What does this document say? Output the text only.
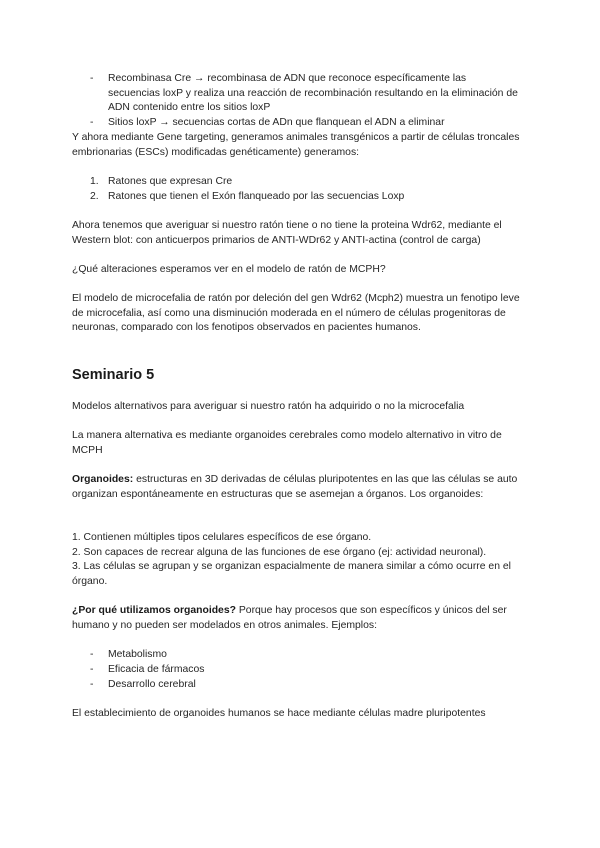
- Recombinasa Cre → recombinasa de ADN que reconoce específicamente las secuencias loxP y realiza una reacción de recombinación resultando en la eliminación de ADN contenido entre los sitios loxP

- Sitios loxP → secuencias cortas de ADn que flanquean el ADN a eliminar

Y ahora mediante Gene targeting, generamos animales transgénicos a partir de células troncales embrionarias (ESCs) modificadas genéticamente) generamos:

1. Ratones que expresan Cre

2. Ratones que tienen el Exón flanqueado por las secuencias Loxp

Ahora tenemos que averiguar si nuestro ratón tiene o no tiene la proteina Wdr62, mediante el Western blot: con anticuerpos primarios de ANTI-WDr62 y ANTI-actina (control de carga)

¿Qué alteraciones esperamos ver en el modelo de ratón de MCPH?

El modelo de microcefalia de ratón por deleción del gen Wdr62 (Mcph2) muestra un fenotipo leve de microcefalia, así como una disminución moderada en el número de células progenitoras de neuronas, comparado con los fenotipos observados en pacientes humanos.

Seminario 5

Modelos alternativos para averiguar si nuestro ratón ha adquirido o no la microcefalia

La manera alternativa es mediante organoides cerebrales como modelo alternativo in vitro de MCPH

Organoides: estructuras en 3D derivadas de células pluripotentes en las que las células se auto organizan espontáneamente en estructuras que se asemejan a órganos. Los organoides:

1. Contienen múltiples tipos celulares específicos de ese órgano.

2. Son capaces de recrear alguna de las funciones de ese órgano (ej: actividad neuronal).

3. Las células se agrupan y se organizan espacialmente de manera similar a cómo ocurre en el órgano.

¿Por qué utilizamos organoides? Porque hay procesos que son específicos y únicos del ser humano y no pueden ser modelados en otros animales. Ejemplos:

- Metabolismo

- Eficacia de fármacos

- Desarrollo cerebral

El establecimiento de organoides humanos se hace mediante células madre pluripotentes
